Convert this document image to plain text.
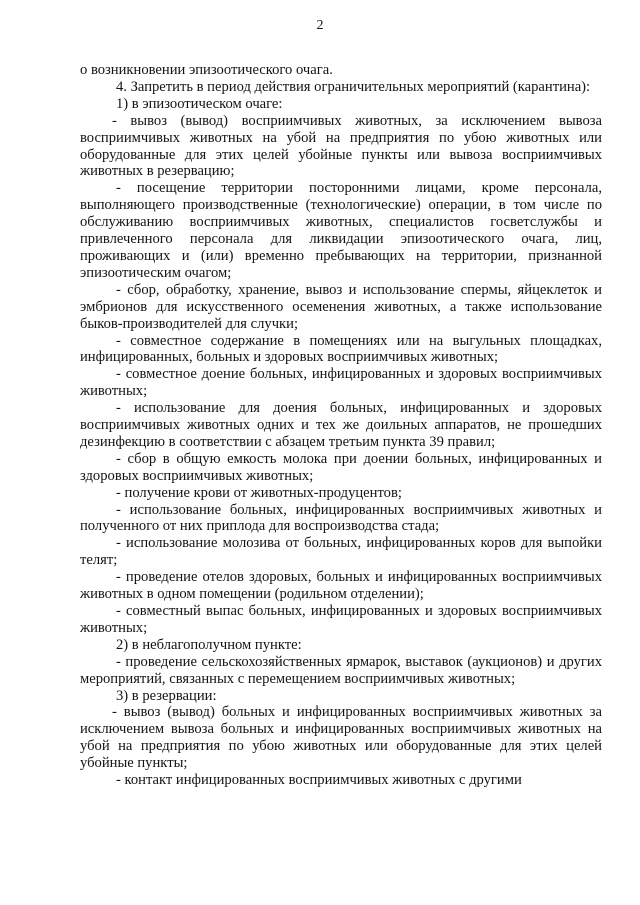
2

о возникновении эпизоотического очага.

4. Запретить в период действия ограничительных мероприятий (карантина):

1) в эпизоотическом очаге:

- вывоз (вывод) восприимчивых животных, за исключением вывоза восприимчивых животных на убой на предприятия по убою животных или оборудованные для этих целей убойные пункты или вывоза восприимчивых животных в резервацию;

- посещение территории посторонними лицами, кроме персонала, выполняющего производственные (технологические) операции, в том числе по обслуживанию восприимчивых животных, специалистов госветслужбы и привлеченного персонала для ликвидации эпизоотического очага, лиц, проживающих и (или) временно пребывающих на территории, признанной эпизоотическим очагом;

- сбор, обработку, хранение, вывоз и использование спермы, яйцеклеток и эмбрионов для искусственного осеменения животных, а также использование быков-производителей для случки;

- совместное содержание в помещениях или на выгульных площадках, инфицированных, больных и здоровых восприимчивых животных;

- совместное доение больных, инфицированных и здоровых восприимчивых животных;

- использование для доения больных, инфицированных и здоровых восприимчивых животных одних и тех же доильных аппаратов, не прошедших дезинфекцию в соответствии с абзацем третьим пункта 39 правил;

- сбор в общую емкость молока при доении больных, инфицированных и здоровых восприимчивых животных;

- получение крови от животных-продуцентов;

- использование больных, инфицированных восприимчивых животных и полученного от них приплода для воспроизводства стада;

- использование молозива от больных, инфицированных коров для выпойки телят;

- проведение отелов здоровых, больных и инфицированных восприимчивых животных в одном помещении (родильном отделении);

- совместный выпас больных, инфицированных и здоровых восприимчивых животных;

2) в неблагополучном пункте:

- проведение сельскохозяйственных ярмарок, выставок (аукционов) и других мероприятий, связанных с перемещением восприимчивых животных;

3) в резервации:

- вывоз (вывод) больных и инфицированных восприимчивых животных за исключением вывоза больных и инфицированных восприимчивых животных на убой на предприятия по убою животных или оборудованные для этих целей убойные пункты;

- контакт инфицированных восприимчивых животных с другими
